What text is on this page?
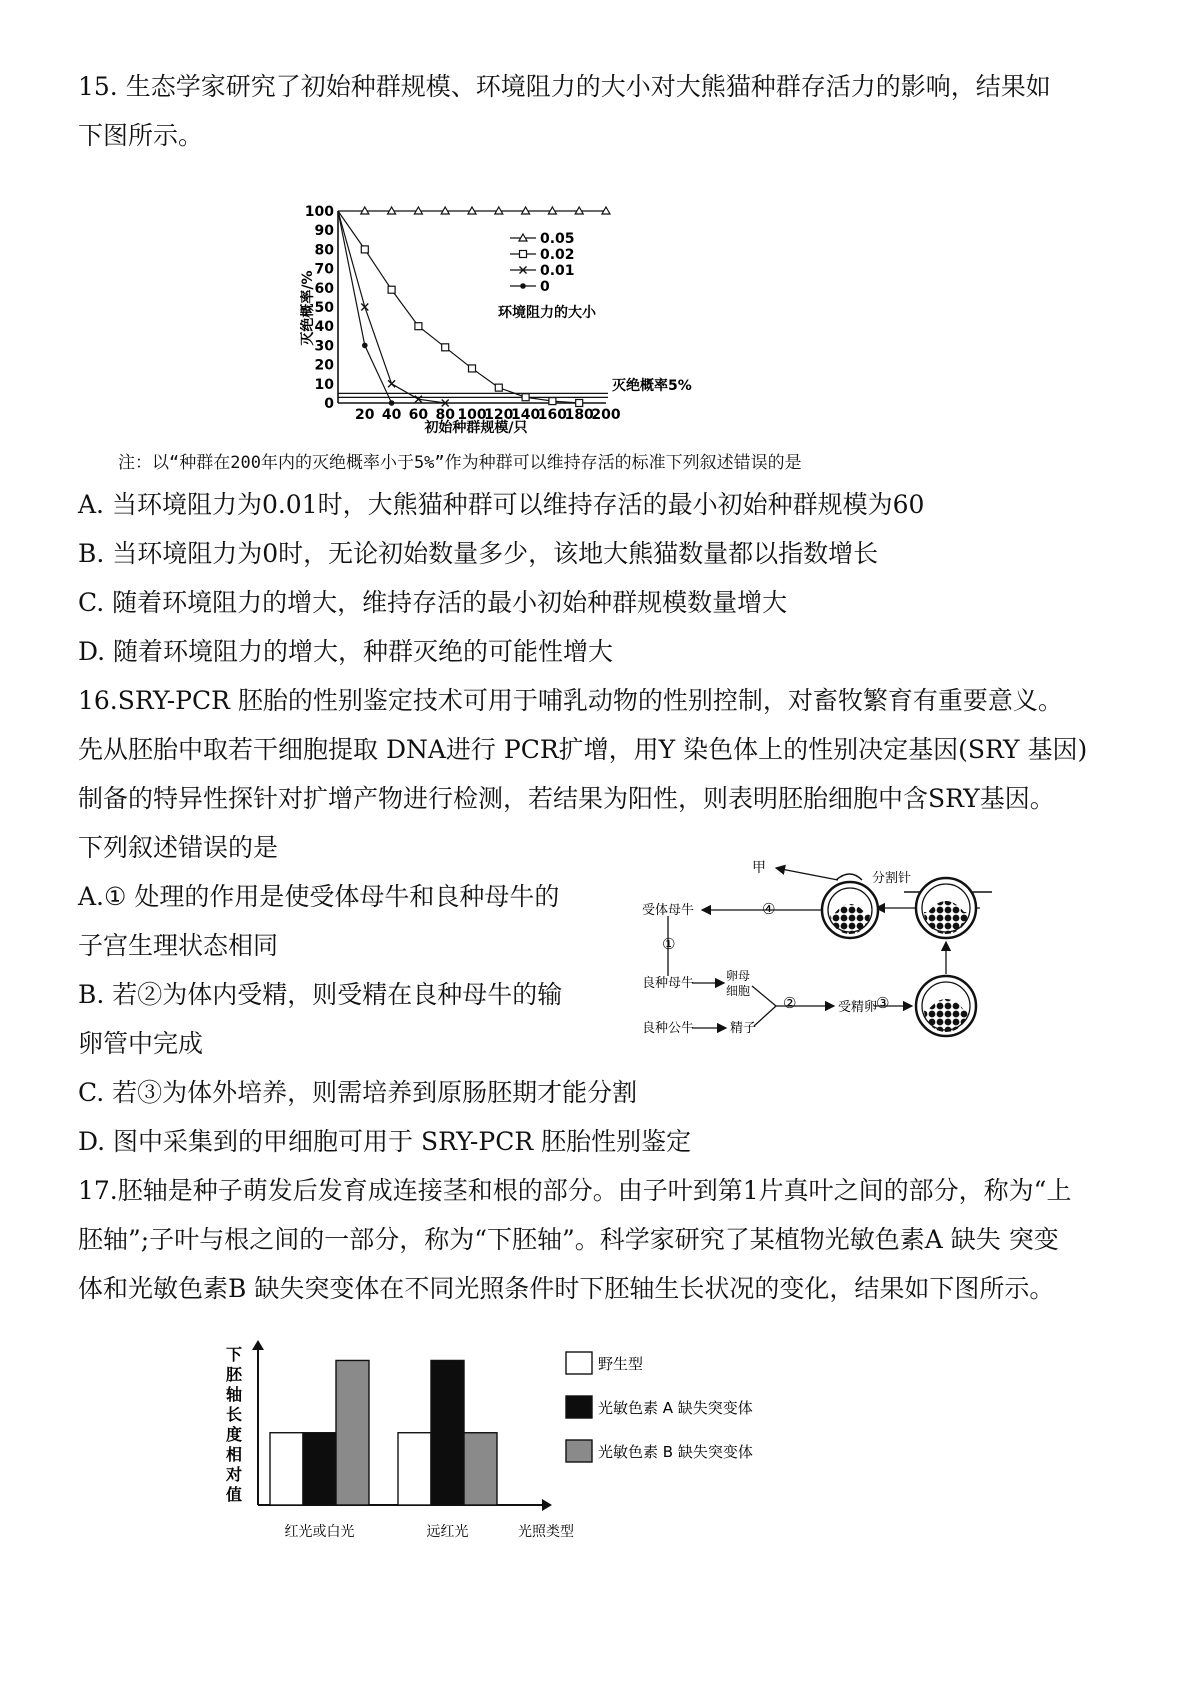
15. 生态学家研究了初始种群规模、环境阻力的大小对大熊猫种群存活力的影响，结果如
下图所示。
0
10
20
30
40
50
60
70
80
90
100
20 40 60 80 100
120
140
160
180
200
0.05
0.02
0.01
0
灭绝概率/%
初始种群规模/只
环境阻力的大小
灭绝概率5%
注：以“种群在200年内的灭绝概率小于5%”作为种群可以维持存活的标准下列叙述错误的是
A. 当环境阻力为0.01时，大熊猫种群可以维持存活的最小初始种群规模为60
B. 当环境阻力为0时，无论初始数量多少，该地大熊猫数量都以指数增长
C. 随着环境阻力的增大，维持存活的最小初始种群规模数量增大
D. 随着环境阻力的增大，种群灭绝的可能性增大
16.SRY-PCR 胚胎的性别鉴定技术可用于哺乳动物的性别控制，对畜牧繁育有重要意义。
先从胚胎中取若干细胞提取 DNA进行 PCR扩增，用Y 染色体上的性别决定基因(SRY 基因)
制备的特异性探针对扩增产物进行检测，若结果为阳性，则表明胚胎细胞中含SRY基因。
下列叙述错误的是
A.① 处理的作用是使受体母牛和良种母牛的
子宫生理状态相同
B. 若②为体内受精，则受精在良种母牛的输
卵管中完成
C. 若③为体外培养，则需培养到原肠胚期才能分割
D. 图中采集到的甲细胞可用于 SRY-PCR 胚胎性别鉴定
受体母牛
良种母牛
良种公牛
卵母
细胞
精子
受精卵
甲
分割针
①
②	③
④
17.胚轴是种子萌发后发育成连接茎和根的部分。由子叶到第1片真叶之间的部分，称为“上
胚轴”;子叶与根之间的一部分，称为“下胚轴”。科学家研究了某植物光敏色素A 缺失 突变
体和光敏色素B 缺失突变体在不同光照条件时下胚轴生长状况的变化，结果如下图所示。
下
胚
轴
长
度
相
对
值
红光或白光	远红光	光照类型
野生型
光敏色素 A 缺失突变体
光敏色素 B 缺失突变体
